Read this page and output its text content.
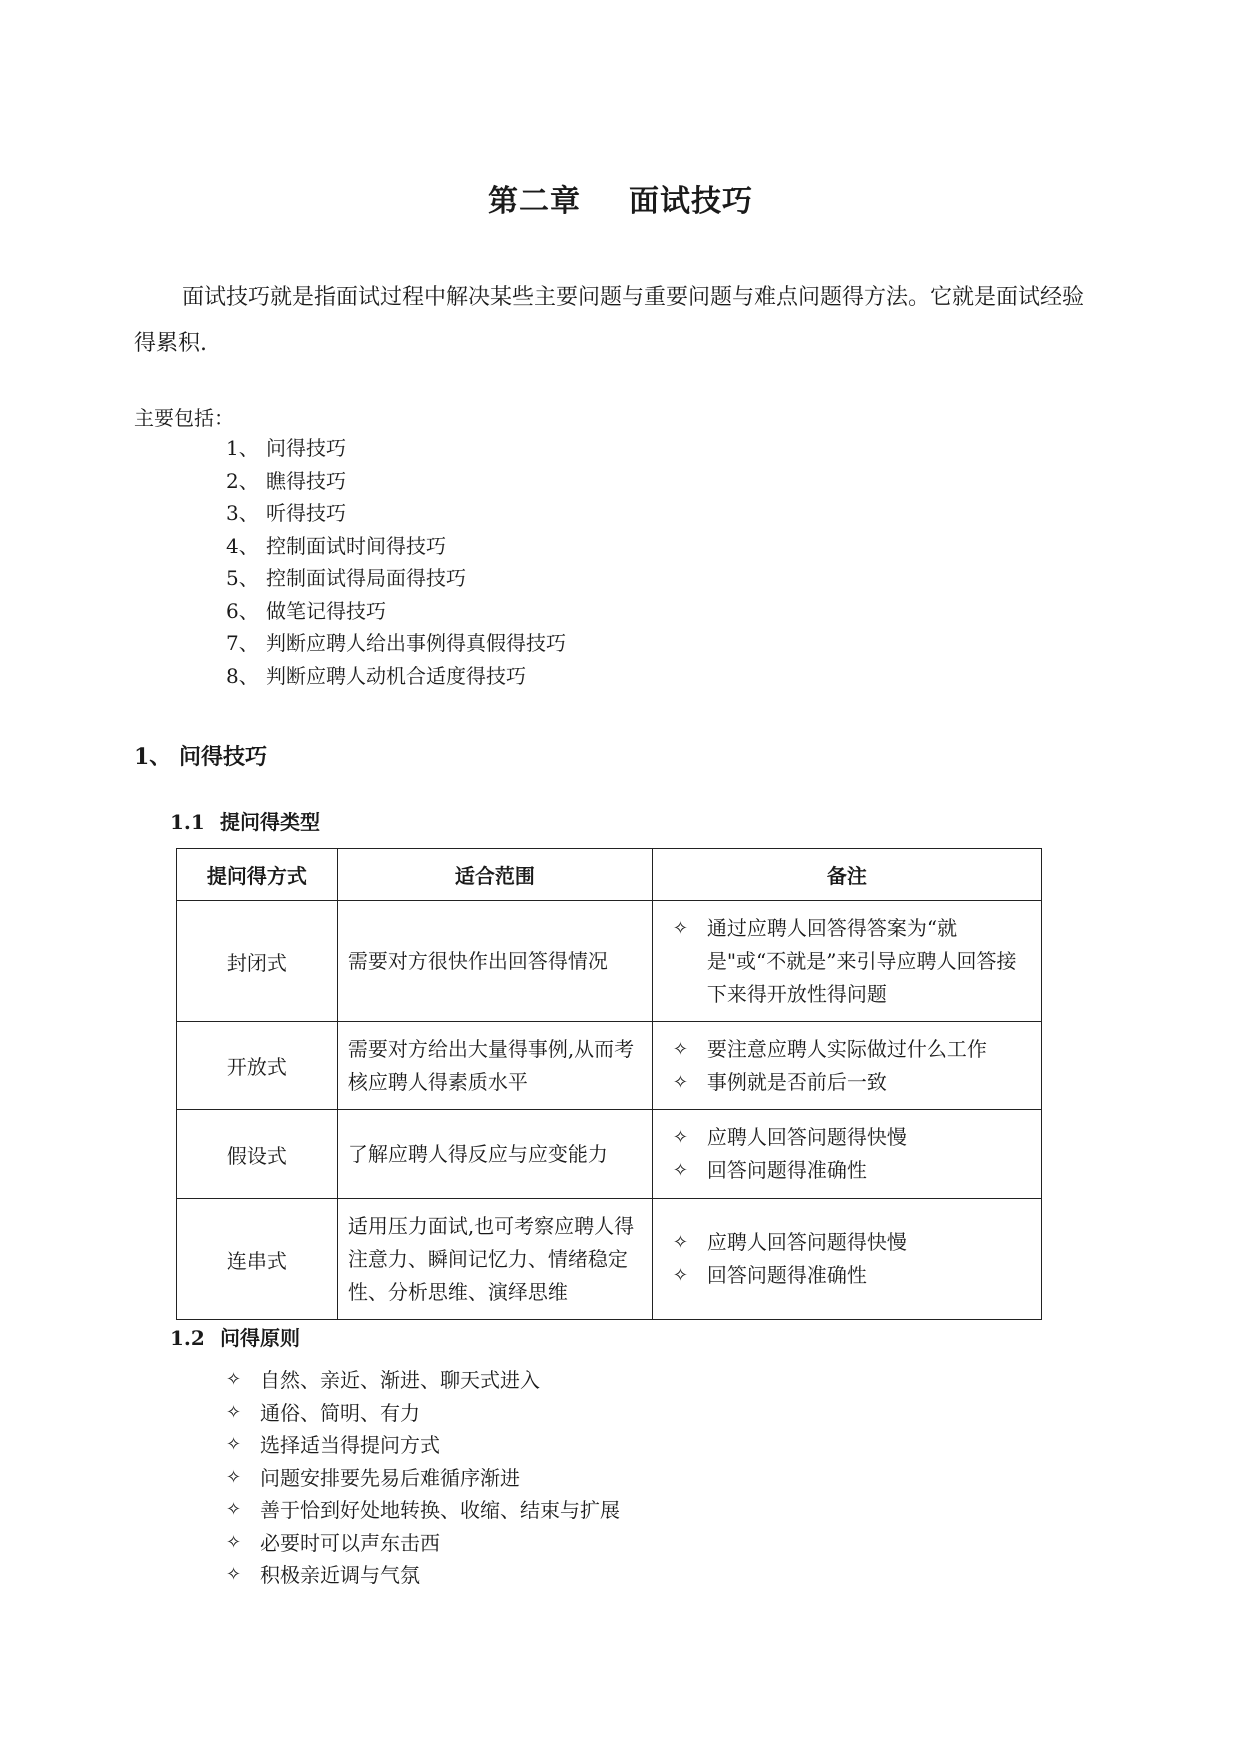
第二章 面试技巧

面试技巧就是指面试过程中解决某些主要问题与重要问题与难点问题得方法。它就是面试经验得累积.

主要包括：
1、 问得技巧
2、 瞧得技巧
3、 听得技巧
4、 控制面试时间得技巧
5、 控制面试得局面得技巧
6、 做笔记得技巧
7、 判断应聘人给出事例得真假得技巧
8、 判断应聘人动机合适度得技巧
1、 问得技巧
1.1 提问得类型
提问得方式	适合范围	备注
封闭式	需要对方很快作出回答得情况	✧ 通过应聘人回答得答案为“就是"或“不就是”来引导应聘人回答接下来得开放性得问题

开放式	需要对方给出大量得事例,从而考核应聘人得素质水平	✧ 要注意应聘人实际做过什么工作
✧ 事例就是否前后一致

假设式	了解应聘人得反应与应变能力	✧ 应聘人回答问题得快慢
✧ 回答问题得准确性

连串式	适用压力面试,也可考察应聘人得注意力、瞬间记忆力、情绪稳定性、分析思维、演绎思维	✧ 应聘人回答问题得快慢
✧ 回答问题得准确性
1.2 问得原则
✧ 自然、亲近、渐进、聊天式进入
✧ 通俗、简明、有力
✧ 选择适当得提问方式
✧ 问题安排要先易后难循序渐进
✧ 善于恰到好处地转换、收缩、结束与扩展
✧ 必要时可以声东击西
✧ 积极亲近调与气氛
